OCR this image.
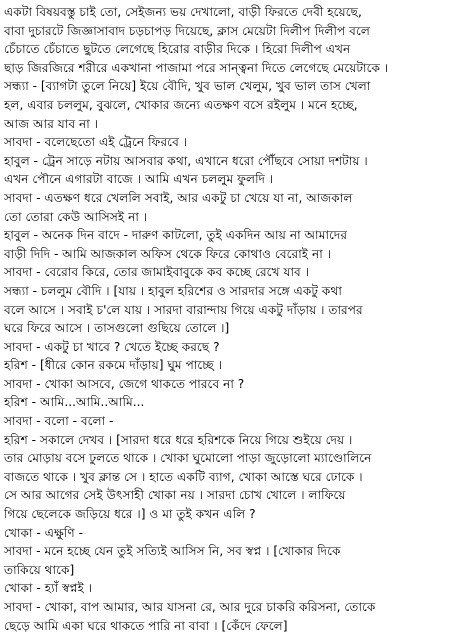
একটা বিষয়বস্তু চাই তো, সেইজন্য ভয় দেখালো, বাড়ী ফিরতে দেবী হয়েছে,
বাবা দুচারটে জিজ্ঞাসাবাদ চড়চাপড় দিয়েছে, ক্লাস মেয়েটা দিলীপ দিলীপ বলে
চেঁচাতে চেঁচাতে ছুটতে লেগেছে হিরোর বাড়ীর দিকে । হিরো দিলীপ এখন
ছাড় জিরজিরে শরীরে একখানা পাজামা পরে সান্ত্বনা দিতে লেগেছে মেয়েটাকে ।
সন্ধ্যা - [ব্যাগটা তুলে নিয়ে] ইয়ে বৌদি, খুব ভাল খেলুম, খুব ভাল তাস খেলা
হল, এবার চললুম, বুঝলে, খোকার জন্যে এতক্ষণ বসে রইলুম । মনে হচ্ছে,
আজ আর যাব না ।
সাবদা - বলেছেতো এই ট্রেনে ফিরবে ।
হাবুল - ট্রেন সাড়ে নটায় আসবার কথা, এখানে ধরো পৌঁছবে সোয়া দশটায় ।
এখন পৌনে এগারটা বাজে । আমি এখন চললুম ফুলদি ।
সাবদা - এতক্ষণ ধরে খেললি সবাই, আর একটু চা খেয়ে যা না, আজকাল
তো তোরা কেউ আসিসই না ।
হাবুল - অনেক দিন বাদে - দারুণ কাটলো, তুই একদিন আয় না আমাদের
বাড়ী দিদি - আমি আজকাল অফিস থেকে ফিরে কোথাও বেরোই না ।
সাবদা - বেরোব কিরে, তোর জামাইবাবুকে কব কচ্ছে রেখে যাব ।
সন্ধ্যা - চললুম বৌদি । [যায় । হাবুল হরিশের ও সারদার সঙ্গে একটু কথা
বলে আসে । সবাই চ'লে যায় । সারদা বারান্দায় গিয়ে একটু দাঁড়ায় । তারপর
ঘরে ফিরে আসে । তাসগুলো গুছিয়ে তোলে ।]
সাবদা - একটু চা খাবে ? খেতে ইচ্ছে করছে ?
হরিশ - [ধীরে কোন রকমে দাঁড়ায়] ঘুম পাচ্ছে ।
সাবদা - খোকা আসবে, জেগে থাকতে পারবে না ?
হরিশ - আমি...আমি..আমি...
সাবদা - বলো - বলো -
হরিশ - সকালে দেখব । [সারদা ধরে ধরে হরিশকে নিয়ে গিয়ে শুইয়ে দেয় ।
তার মোড়ায় বসে ঢুলতে থাকে । খোকা ঘুমোলো পাড়া জুড়োলো ম্যাণ্ডোলিনে
বাজতে থাকে । খুব ক্লান্ত সে । হাতে একটি ব্যাগ, খোকা আস্তে ঘরে ঢোকে ।
সে আর আগের সেই উৎসাহী খোকা নয় । সারদা চোখ খোলে । লাফিয়ে
গিয়ে ছেলেকে জড়িয়ে ধরে ।] ও মা তুই কখন এলি ?
খোকা - এক্ষুণি -
সাবদা - মনে হচ্ছে যেন তুই সত্যিই আসিস নি, সব স্বপ্ন । [খোকার দিকে
তাকিয়ে থাকে]
খোকা - হ্যাঁ স্বপ্নই ।
সাবদা - খোকা, বাপ আমার, আর যাসনা রে, আর দুরে চাকরি করিসনা, তোকে
ছেড়ে আমি একা ঘরে থাকতে পারি না বাবা । [কেঁদে ফেলে]
